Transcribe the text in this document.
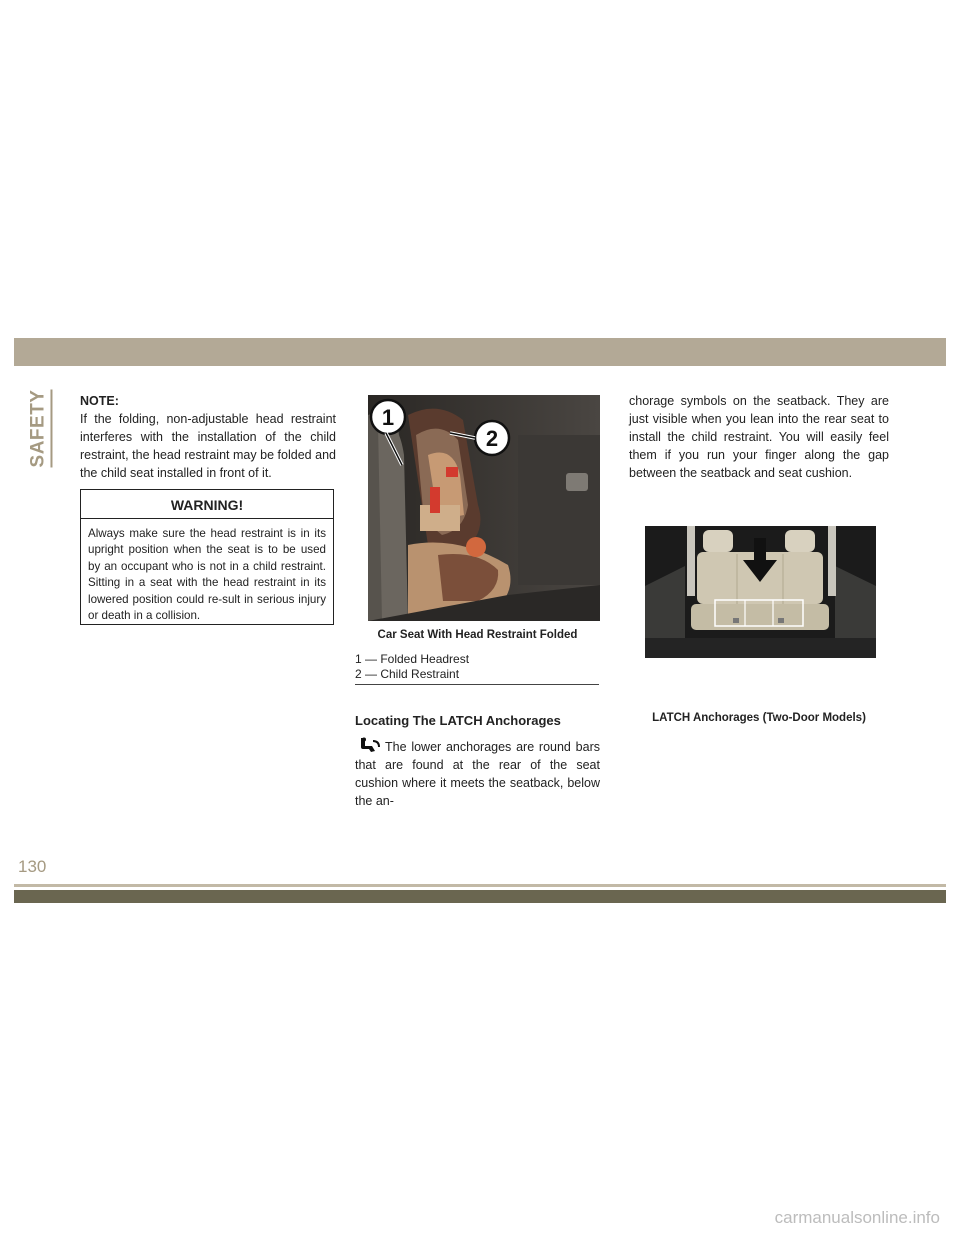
SAFETY	NOTE:

If the folding, non-adjustable head restraint interferes with the installation of the child restraint, the head restraint may be folded and the child seat installed in front of it.

WARNING!

Always make sure the head restraint is in its upright position when the seat is to be used by an occupant who is not in a child restraint. Sitting in a seat with the head restraint in its lowered position could re-sult in serious injury or death in a collision.

1
2
Car Seat With Head Restraint Folded
1 — Folded Headrest
2 — Child Restraint
Locating The LATCH Anchorages

The lower anchorages are round bars that are found at the rear of the seat cushion where it meets the seatback, below the an-

chorage symbols on the seatback. They are just visible when you lean into the rear seat to install the child restraint. You will easily feel them if you run your finger along the gap between the seatback and seat cushion.

LATCH Anchorages (Two-Door Models)
130
carmanualsonline.info
